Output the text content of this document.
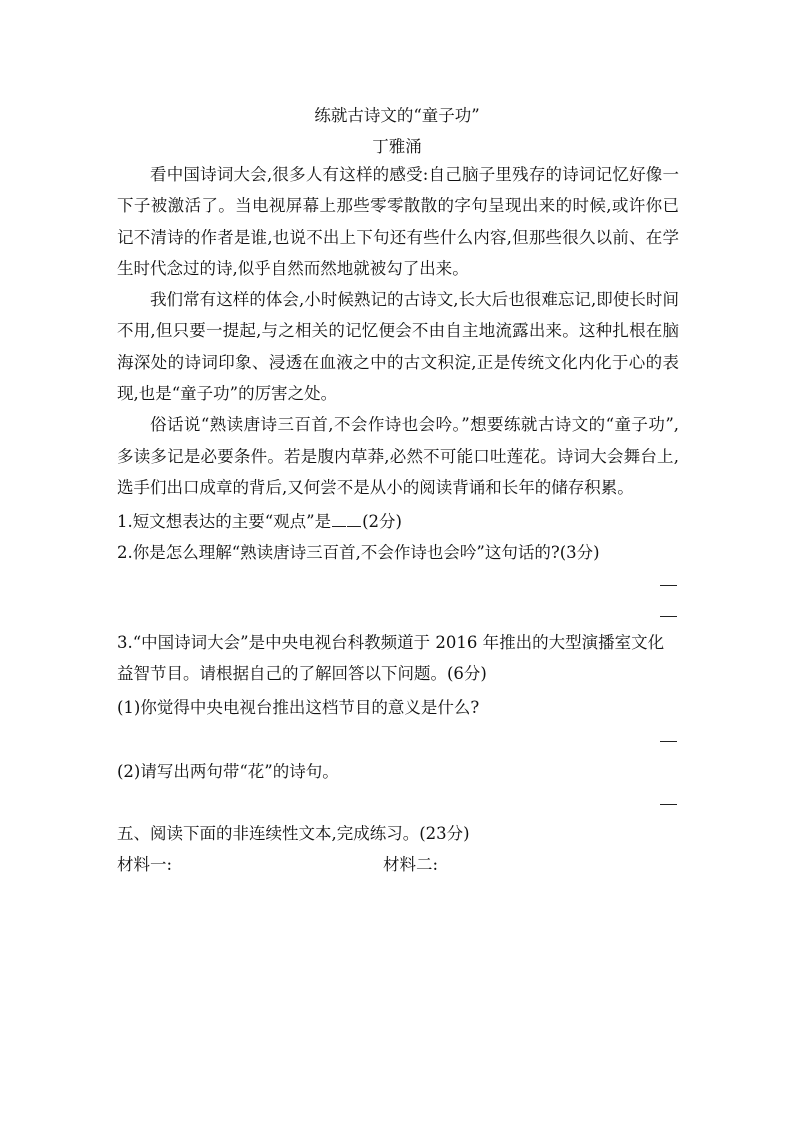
练就古诗文的“童子功”
丁雅涌

看中国诗词大会,很多人有这样的感受:自己脑子里残存的诗词记忆好像一下子被激活了。当电视屏幕上那些零零散散的字句呈现出来的时候,或许你已记不清诗的作者是谁,也说不出上下句还有些什么内容,但那些很久以前、在学生时代念过的诗,似乎自然而然地就被勾了出来。

我们常有这样的体会,小时候熟记的古诗文,长大后也很难忘记,即使长时间不用,但只要一提起,与之相关的记忆便会不由自主地流露出来。这种扎根在脑海深处的诗词印象、浸透在血液之中的古文积淀,正是传统文化内化于心的表现,也是“童子功”的厉害之处。

俗话说“熟读唐诗三百首,不会作诗也会吟。”想要练就古诗文的“童子功”,多读多记是必要条件。若是腹内草莽,必然不可能口吐莲花。诗词大会舞台上,选手们出口成章的背后,又何尝不是从小的阅读背诵和长年的储存积累。

1.短文想表达的主要“观点”是 (2分)
2.你是怎么理解“熟读唐诗三百首,不会作诗也会吟”这句话的?(3分)
3.“中国诗词大会”是中央电视台科教频道于 2016 年推出的大型演播室文化益智节目。请根据自己的了解回答以下问题。(6分)
(1)你觉得中央电视台推出这档节目的意义是什么?
(2)请写出两句带“花”的诗句。
五、阅读下面的非连续性文本,完成练习。(23分)
材料一:	材料二:
